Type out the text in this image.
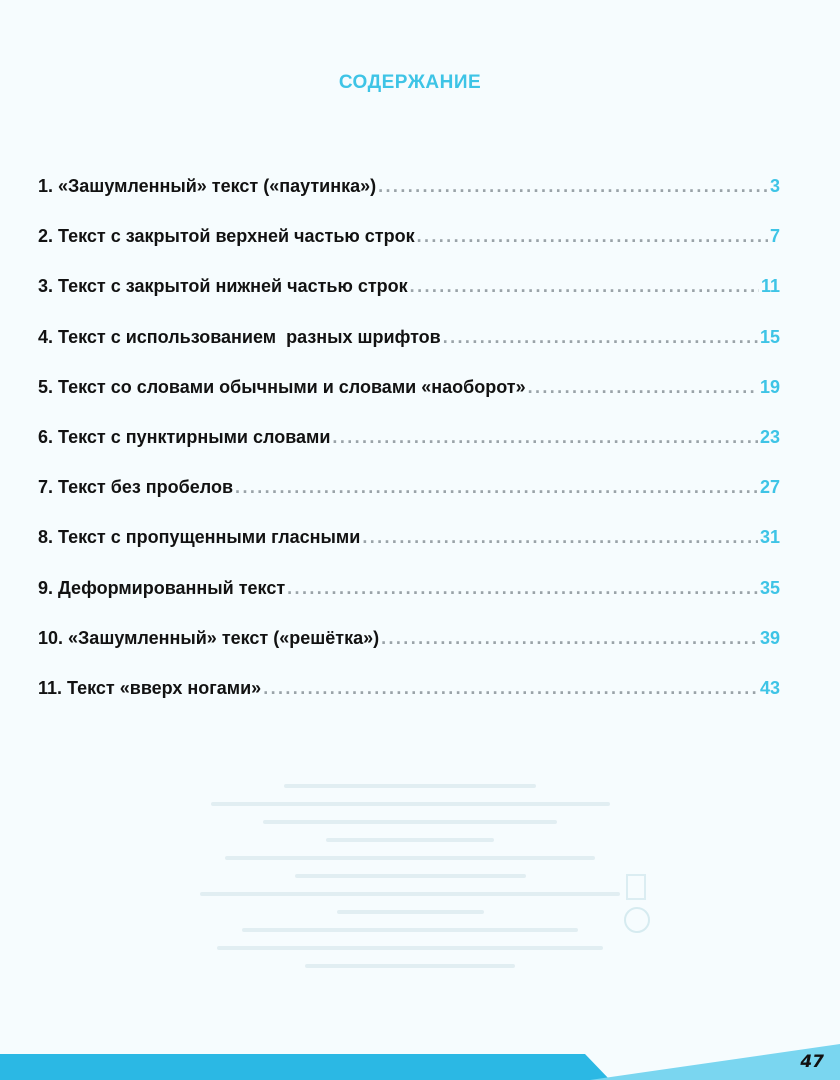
СОДЕРЖАНИЕ
1. «Зашумленный» текст («паутинка») .....	3
2. Текст с закрытой верхней частью строк .....	7
3. Текст с закрытой нижней частью строк .....	11
4. Текст с использованием  разных шрифтов .....	15
5. Текст со словами обычными и словами «наоборот» .....	19
6. Текст с пунктирными словами .....	23
7. Текст без пробелов .....	27
8. Текст с пропущенными гласными .....	31
9. Деформированный текст .....	35
10. «Зашумленный» текст («решётка») .....	39
11. Текст «вверх ногами» .....	43
47
